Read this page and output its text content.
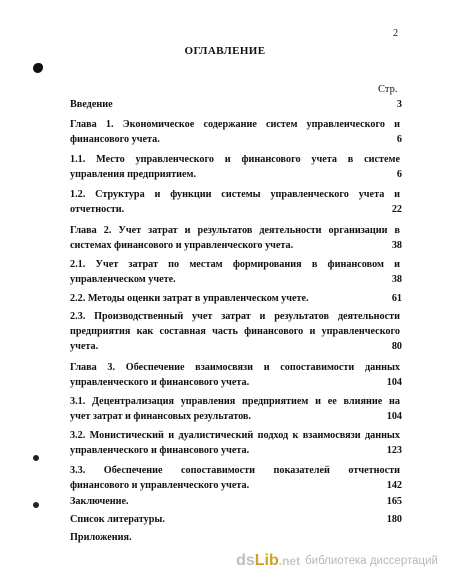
2
ОГЛАВЛЕНИЕ
Стр.
Введение	3
Глава 1. Экономическое содержание систем управленческого и
финансового учета.	6
1.1. Место управленческого и финансового учета в системе
управления предприятием.	6
1.2. Структура и функции системы управленческого учета и
отчетности.	22
Глава 2. Учет затрат и результатов деятельности организации в
системах финансового и управленческого учета.	38
2.1. Учет затрат по местам формирования в финансовом и
управленческом учете.	38
2.2. Методы оценки затрат в управленческом учете.	61
2.3. Производственный учет затрат и результатов деятельности
предприятия как составная часть финансового и управленческого
учета.	80
Глава 3. Обеспечение взаимосвязи и сопоставимости данных
управленческого и финансового учета.	104
3.1. Децентрализация управления предприятием и ее влияние на
учет затрат и финансовых результатов.	104
3.2. Монистический и дуалистический подход к взаимосвязи данных
управленческого и финансового учета.	123
3.3. Обеспечение сопоставимости показателей отчетности
финансового и управленческого учета.	142
Заключение.	165
Список литературы.	180
Приложения.
dsLib.net библиотека диссертаций
